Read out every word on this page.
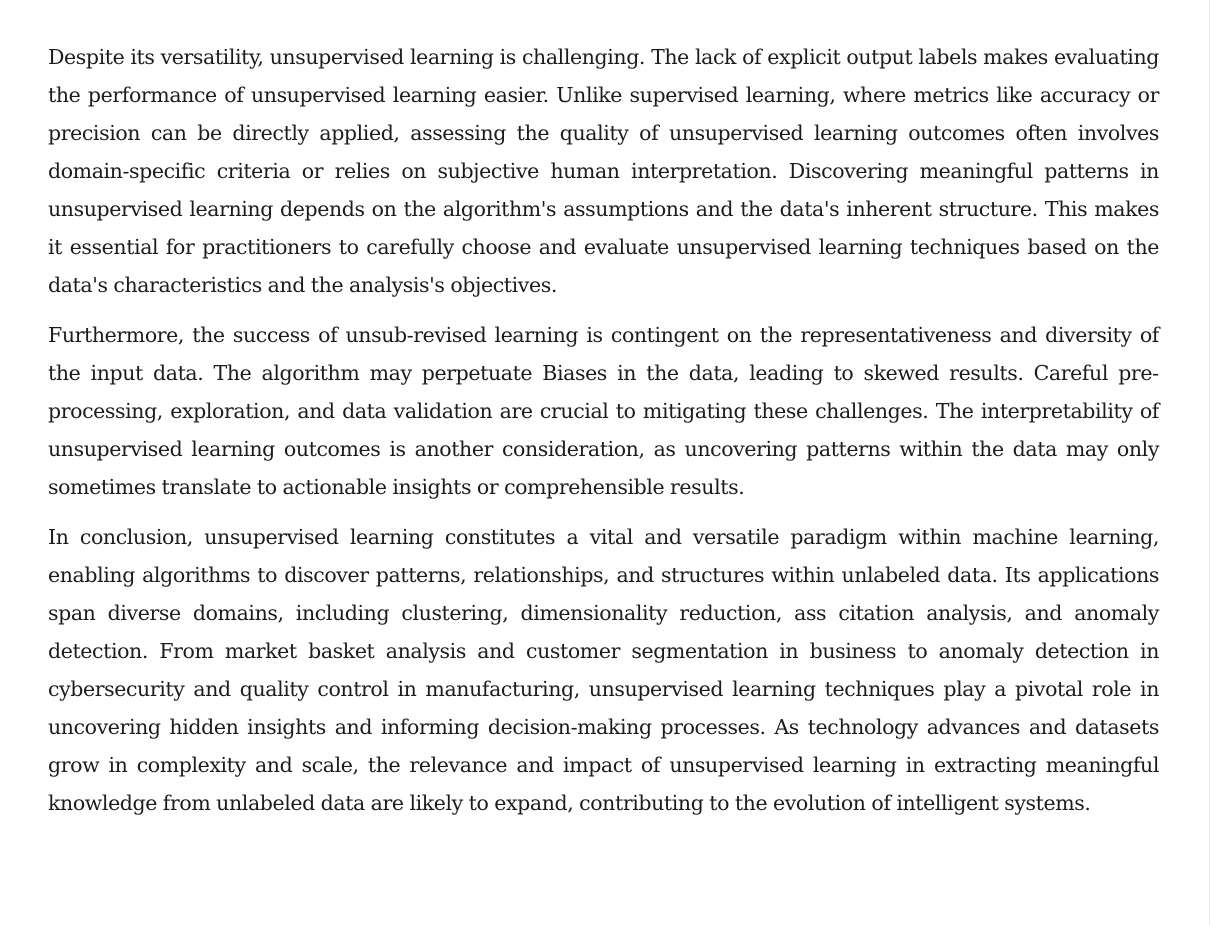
Despite its versatility, unsupervised learning is challenging. The lack of explicit output labels makes evaluating the performance of unsupervised learning easier. Unlike supervised learning, where metrics like accuracy or precision can be directly applied, assessing the quality of unsupervised learning outcomes often involves domain-specific criteria or relies on subjective human interpretation. Discovering meaningful patterns in unsupervised learning depends on the algorithm's assumptions and the data's inherent structure. This makes it essential for practitioners to carefully choose and evaluate unsupervised learning techniques based on the data's characteristics and the analysis's objectives.

Furthermore, the success of unsub-revised learning is contingent on the representativeness and diversity of the input data. The algorithm may perpetuate Biases in the data, leading to skewed results. Careful preprocessing, exploration, and data validation are crucial to mitigating these challenges. The interpretability of unsupervised learning outcomes is another consideration, as uncovering patterns within the data may only sometimes translate to actionable insights or comprehensible results.

In conclusion, unsupervised learning constitutes a vital and versatile paradigm within machine learning, enabling algorithms to discover patterns, relationships, and structures within unlabeled data. Its applications span diverse domains, including clustering, dimensionality reduction, ass citation analysis, and anomaly detection. From market basket analysis and customer segmentation in business to anomaly detection in cybersecurity and quality control in manufacturing, unsupervised learning techniques play a pivotal role in uncovering hidden insights and informing decision-making processes. As technology advances and datasets grow in complexity and scale, the relevance and impact of unsupervised learning in extracting meaningful knowledge from unlabeled data are likely to expand, contributing to the evolution of intelligent systems.
